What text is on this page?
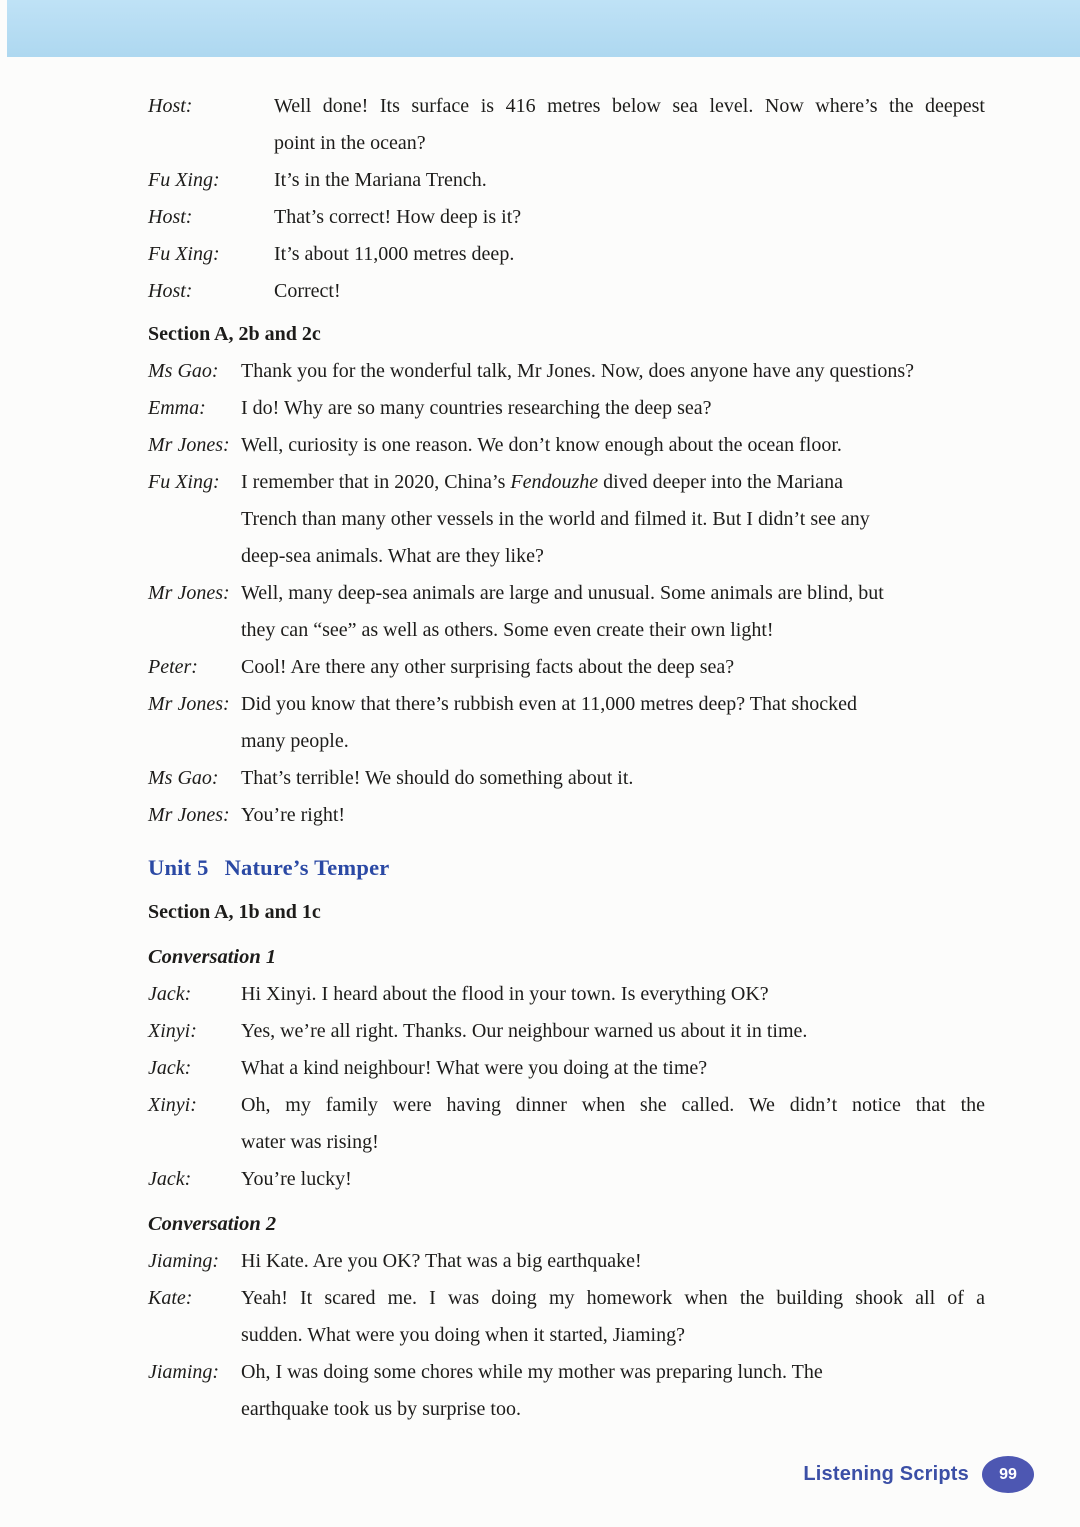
Host:	Well done! Its surface is 416 metres below sea level. Now where’s the deepest
point in the ocean?
Fu Xing:	It’s in the Mariana Trench.
Host:	That’s correct! How deep is it?
Fu Xing:	It’s about 11,000 metres deep.
Host:	Correct!
Section A, 2b and 2c
Ms Gao:	Thank you for the wonderful talk, Mr Jones. Now, does anyone have any questions?
Emma:	I do! Why are so many countries researching the deep sea?
Mr Jones: Well, curiosity is one reason. We don’t know enough about the ocean floor.
Fu Xing:	I remember that in 2020, China’s Fendouzhe dived deeper into the Mariana
Trench than many other vessels in the world and filmed it. But I didn’t see any
deep-sea animals. What are they like?
Mr Jones: Well, many deep-sea animals are large and unusual. Some animals are blind, but
they can “see” as well as others. Some even create their own light!
Peter:	Cool! Are there any other surprising facts about the deep sea?
Mr Jones: Did you know that there’s rubbish even at 11,000 metres deep? That shocked
many people.
Ms Gao:	That’s terrible! We should do something about it.
Mr Jones: You’re right!
Unit 5 Nature’s Temper
Section A, 1b and 1c
Conversation 1
Jack:	Hi Xinyi. I heard about the flood in your town. Is everything OK?
Xinyi:	Yes, we’re all right. Thanks. Our neighbour warned us about it in time.
Jack:	What a kind neighbour! What were you doing at the time?
Xinyi:	Oh, my family were having dinner when she called. We didn’t notice that the
water was rising!
Jack:	You’re lucky!
Conversation 2
Jiaming:	Hi Kate. Are you OK? That was a big earthquake!
Kate:	Yeah! It scared me. I was doing my homework when the building shook all of a
sudden. What were you doing when it started, Jiaming?
Jiaming:	Oh, I was doing some chores while my mother was preparing lunch. The
earthquake took us by surprise too.
Listening Scripts	99
